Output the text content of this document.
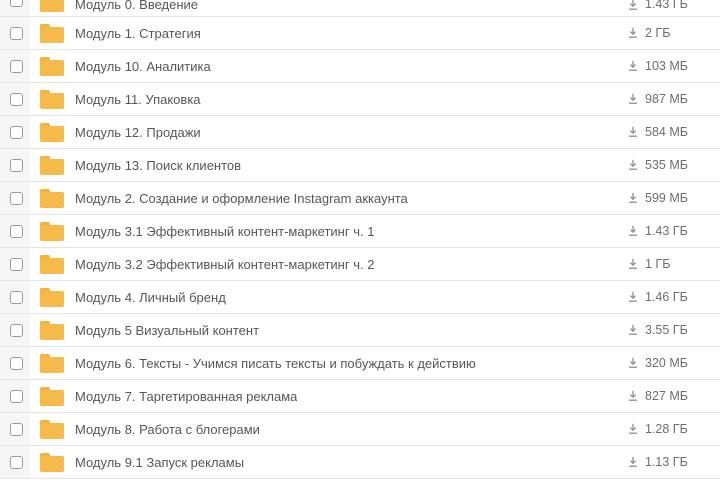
Модуль 0. Введение	1.43 ГБ
Модуль 1. Стратегия	2 ГБ
Модуль 10. Аналитика	103 МБ
Модуль 11. Упаковка	987 МБ
Модуль 12. Продажи	584 МБ
Модуль 13. Поиск клиентов	535 МБ
Модуль 2. Создание и оформление Instagram аккаунта	599 МБ
Модуль 3.1 Эффективный контент-маркетинг ч. 1	1.43 ГБ
Модуль 3.2 Эффективный контент-маркетинг ч. 2	1 ГБ
Модуль 4. Личный бренд	1.46 ГБ
Модуль 5 Визуальный контент	3.55 ГБ
Модуль 6. Тексты - Учимся писать тексты и побуждать к действию	320 МБ
Модуль 7. Таргетированная реклама	827 МБ
Модуль 8. Работа с блогерами	1.28 ГБ
Модуль 9.1 Запуск рекламы	1.13 ГБ
